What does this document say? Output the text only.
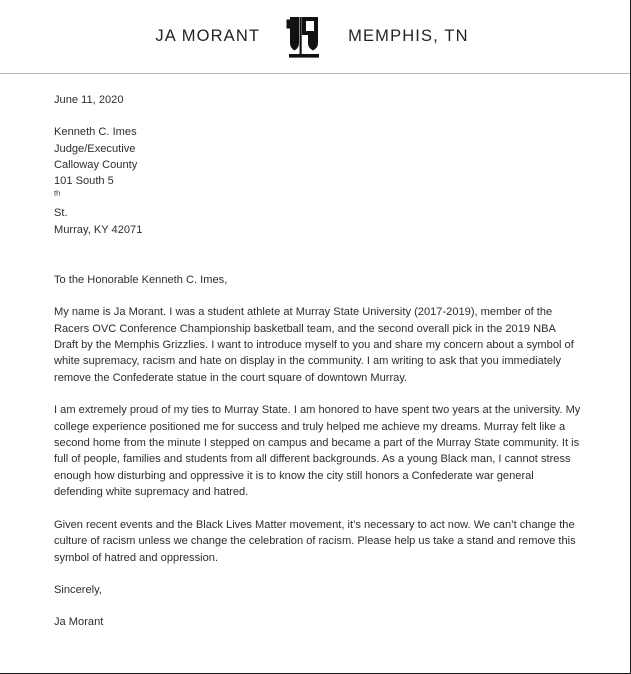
JA MORANT	MEMPHIS, TN

June 11, 2020

Kenneth C. Imes
Judge/Executive
Calloway County
101 South 5
$^{th}$
St.
Murray, KY 42071

To the Honorable Kenneth C. Imes,

My name is Ja Morant. I was a student athlete at Murray State University (2017-2019), member of the Racers OVC Conference Championship basketball team, and the second overall pick in the 2019 NBA Draft by the Memphis Grizzlies. I want to introduce myself to you and share my concern about a symbol of white supremacy, racism and hate on display in the community. I am writing to ask that you immediately remove the Confederate statue in the court square of downtown Murray.

I am extremely proud of my ties to Murray State. I am honored to have spent two years at the university. My college experience positioned me for success and truly helped me achieve my dreams. Murray felt like a second home from the minute I stepped on campus and became a part of the Murray State community. It is full of people, families and students from all different backgrounds. As a young Black man, I cannot stress enough how disturbing and oppressive it is to know the city still honors a Confederate war general defending white supremacy and hatred.

Given recent events and the Black Lives Matter movement, it’s necessary to act now. We can’t change the culture of racism unless we change the celebration of racism. Please help us take a stand and remove this symbol of hatred and oppression.

Sincerely,

Ja Morant
